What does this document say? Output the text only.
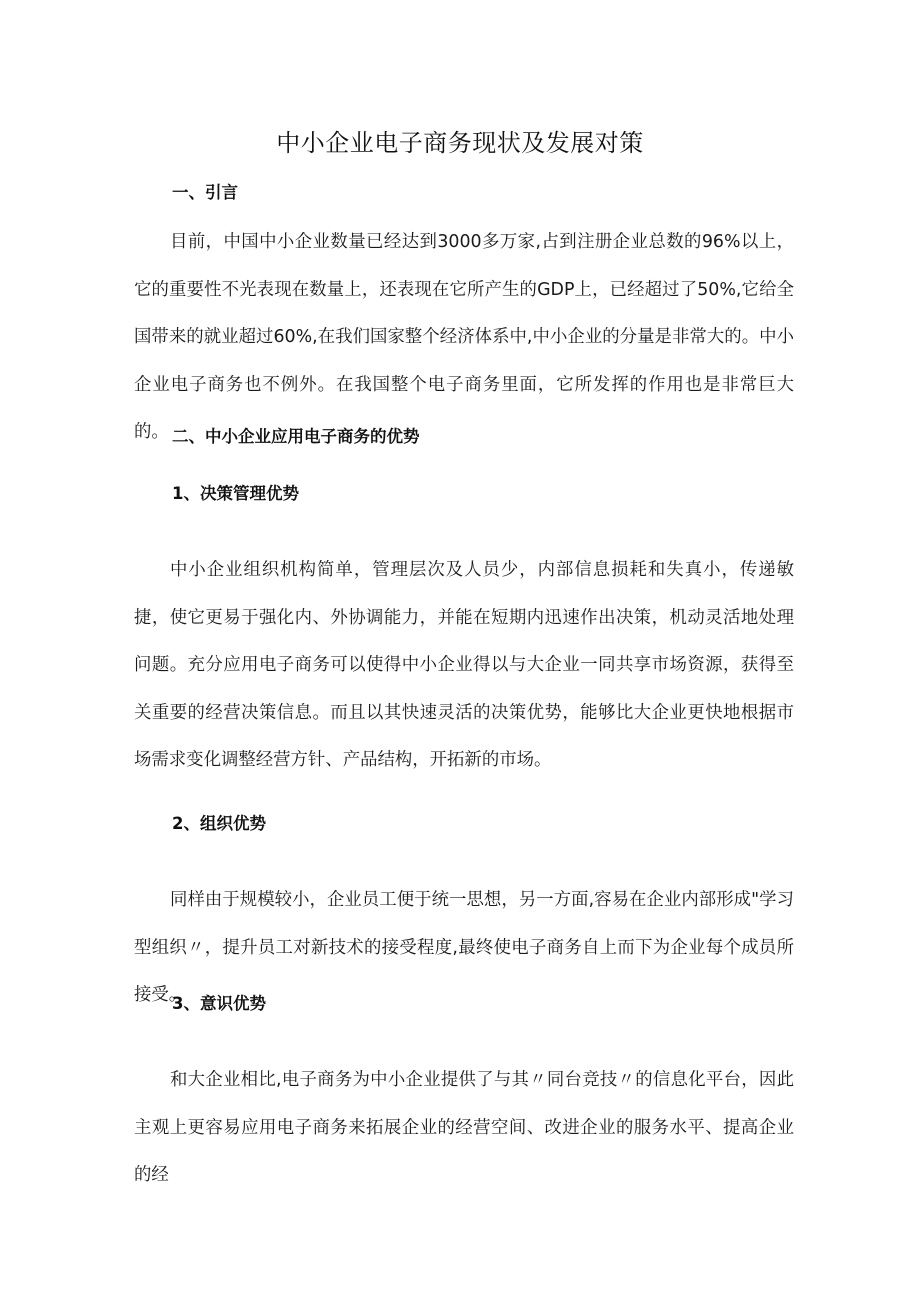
中小企业电子商务现状及发展对策
一、引言

目前，中国中小企业数量已经达到3000多万家,占到注册企业总数的96%以上，它的重要性不光表现在数量上，还表现在它所产生的GDP上，已经超过了50%,它给全国带来的就业超过60%,在我们国家整个经济体系中,中小企业的分量是非常大的。中小企业电子商务也不例外。在我国整个电子商务里面，它所发挥的作用也是非常巨大的。 二、中小企业应用电子商务的优势
1、决策管理优势

中小企业组织机构简单，管理层次及人员少，内部信息损耗和失真小，传递敏捷，使它更易于强化内、外协调能力，并能在短期内迅速作出决策，机动灵活地处理问题。充分应用电子商务可以使得中小企业得以与大企业一同共享市场资源，获得至关重要的经营决策信息。而且以其快速灵活的决策优势，能够比大企业更快地根据市场需求变化调整经营方针、产品结构，开拓新的市场。

2、组织优势

同样由于规模较小，企业员工便于统一思想，另一方面,容易在企业内部形成"学习型组织〃，提升员工对新技术的接受程度,最终使电子商务自上而下为企业每个成员所接受。

3、意识优势

和大企业相比,电子商务为中小企业提供了与其〃同台竞技〃的信息化平台，因此主观上更容易应用电子商务来拓展企业的经营空间、改进企业的服务水平、提高企业的经
